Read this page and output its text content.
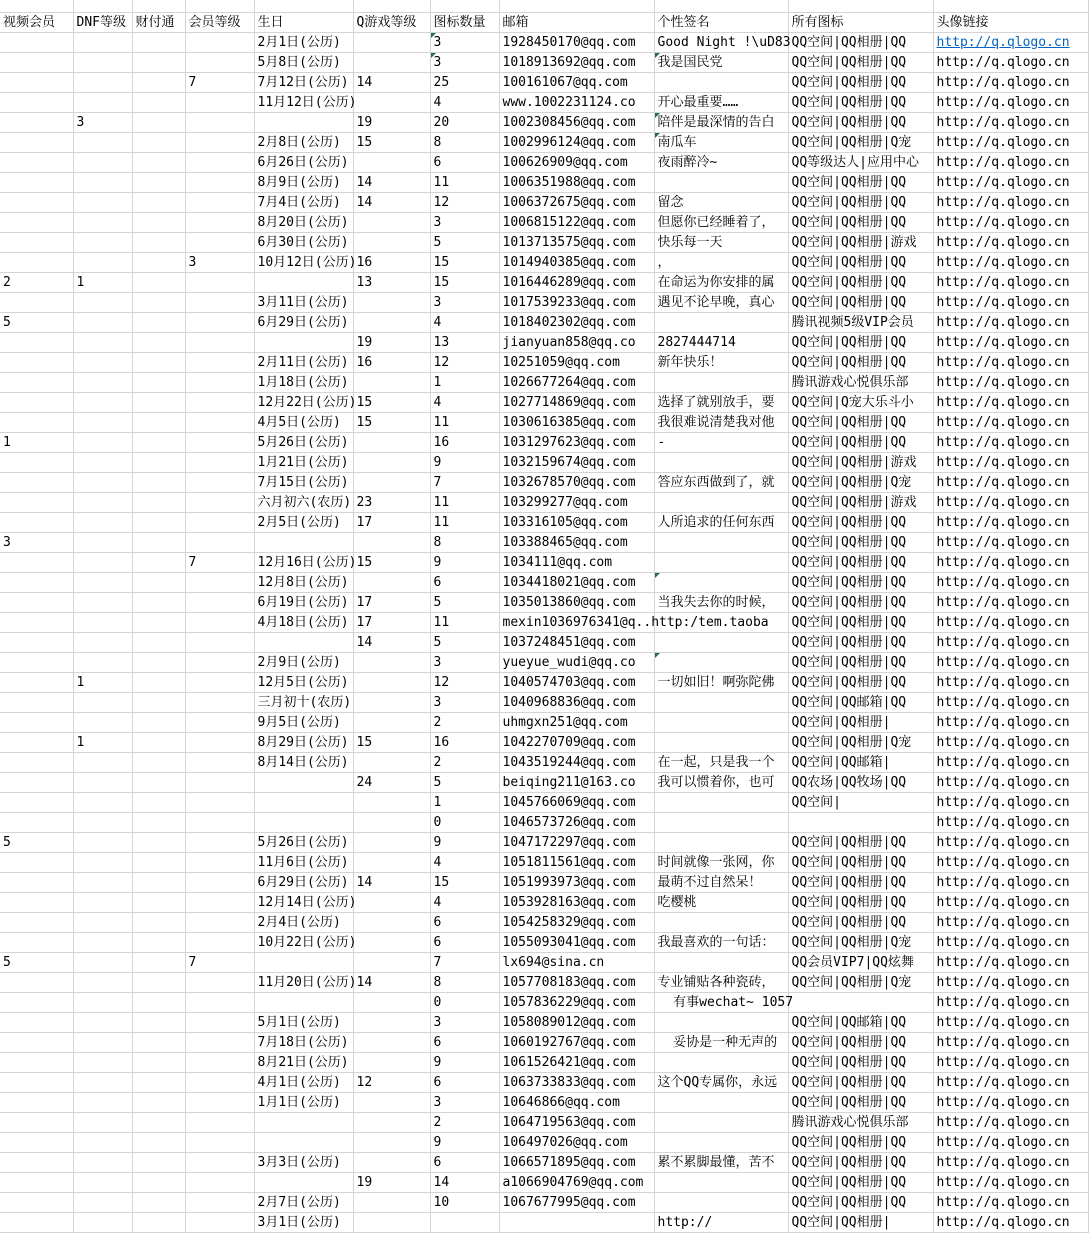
视频会员	DNF等级	财付通	会员等级	生日	Q游戏等级	图标数量	邮箱	个性签名	所有图标	头像链接
				2月1日(公历)		3	1928450170@qq.com	Good Night !\uD83	QQ空间|QQ相册|QQ	http://q.qlogo.cn
				5月8日(公历)		3	1018913692@qq.com	我是国民党	QQ空间|QQ相册|QQ	http://q.qlogo.cn
			7	7月12日(公历)	14	25	100161067@qq.com		QQ空间|QQ相册|QQ	http://q.qlogo.cn
				11月12日(公历)		4	www.1002231124.co	开心最重要……	QQ空间|QQ相册|QQ	http://q.qlogo.cn
	3				19	20	1002308456@qq.com	陪伴是最深情的告白	QQ空间|QQ相册|QQ	http://q.qlogo.cn
				2月8日(公历)	15	8	1002996124@qq.com	南瓜车	QQ空间|QQ相册|Q宠	http://q.qlogo.cn
				6月26日(公历)		6	100626909@qq.com	夜雨醉冷~	QQ等级达人|应用中心	http://q.qlogo.cn
				8月9日(公历)	14	11	1006351988@qq.com		QQ空间|QQ相册|QQ	http://q.qlogo.cn
				7月4日(公历)	14	12	1006372675@qq.com	留念	QQ空间|QQ相册|QQ	http://q.qlogo.cn
				8月20日(公历)		3	1006815122@qq.com	但愿你已经睡着了，	QQ空间|QQ相册|QQ	http://q.qlogo.cn
				6月30日(公历)		5	1013713575@qq.com	快乐每一天	QQ空间|QQ相册|游戏	http://q.qlogo.cn
			3	10月12日(公历)	16	15	1014940385@qq.com	，	QQ空间|QQ相册|QQ	http://q.qlogo.cn
2	1				13	15	1016446289@qq.com	在命运为你安排的属	QQ空间|QQ相册|QQ	http://q.qlogo.cn
				3月11日(公历)		3	1017539233@qq.com	遇见不论早晚，真心	QQ空间|QQ相册|QQ	http://q.qlogo.cn
5				6月29日(公历)		4	1018402302@qq.com		腾讯视频5级VIP会员	http://q.qlogo.cn
					19	13	jianyuan858@qq.co	2827444714	QQ空间|QQ相册|QQ	http://q.qlogo.cn
				2月11日(公历)	16	12	10251059@qq.com	新年快乐！	QQ空间|QQ相册|QQ	http://q.qlogo.cn
				1月18日(公历)		1	1026677264@qq.com		腾讯游戏心悦俱乐部	http://q.qlogo.cn
				12月22日(公历)	15	4	1027714869@qq.com	选择了就别放手，要	QQ空间|Q宠大乐斗小	http://q.qlogo.cn
				4月5日(公历)	15	11	1030616385@qq.com	我很难说清楚我对他	QQ空间|QQ相册|QQ	http://q.qlogo.cn
1				5月26日(公历)		16	1031297623@qq.com	-	QQ空间|QQ相册|QQ	http://q.qlogo.cn
				1月21日(公历)		9	1032159674@qq.com		QQ空间|QQ相册|游戏	http://q.qlogo.cn
				7月15日(公历)		7	1032678570@qq.com	答应东西做到了，就	QQ空间|QQ相册|Q宠	http://q.qlogo.cn
				六月初六(农历)	23	11	103299277@qq.com		QQ空间|QQ相册|游戏	http://q.qlogo.cn
				2月5日(公历)	17	11	103316105@qq.com	人所追求的任何东西	QQ空间|QQ相册|QQ	http://q.qlogo.cn
3						8	103388465@qq.com		QQ空间|QQ相册|QQ	http://q.qlogo.cn
			7	12月16日(公历)	15	9	1034111@qq.com		QQ空间|QQ相册|QQ	http://q.qlogo.cn
				12月8日(公历)		6	1034418021@qq.com		QQ空间|QQ相册|QQ	http://q.qlogo.cn
				6月19日(公历)	17	5	1035013860@qq.com	当我失去你的时候，	QQ空间|QQ相册|QQ	http://q.qlogo.cn
				4月18日(公历)	17	11	mexin1036976341@q..http:/tem.taoba		QQ空间|QQ相册|QQ	http://q.qlogo.cn
					14	5	1037248451@qq.com		QQ空间|QQ相册|QQ	http://q.qlogo.cn
				2月9日(公历)		3	yueyue_wudi@qq.co		QQ空间|QQ相册|QQ	http://q.qlogo.cn
	1			12月5日(公历)		12	1040574703@qq.com	一切如旧！啊弥陀佛	QQ空间|QQ相册|QQ	http://q.qlogo.cn
				三月初十(农历)		3	1040968836@qq.com		QQ空间|QQ邮箱|QQ	http://q.qlogo.cn
				9月5日(公历)		2	uhmgxn251@qq.com		QQ空间|QQ相册|	http://q.qlogo.cn
	1			8月29日(公历)	15	16	1042270709@qq.com		QQ空间|QQ相册|Q宠	http://q.qlogo.cn
				8月14日(公历)		2	1043519244@qq.com	在一起，只是我一个	QQ空间|QQ邮箱|	http://q.qlogo.cn
					24	5	beiqing211@163.co	我可以惯着你，也可	QQ农场|QQ牧场|QQ	http://q.qlogo.cn
						1	1045766069@qq.com		QQ空间|	http://q.qlogo.cn
						0	1046573726@qq.com			http://q.qlogo.cn
5				5月26日(公历)		9	1047172297@qq.com		QQ空间|QQ相册|QQ	http://q.qlogo.cn
				11月6日(公历)		4	1051811561@qq.com	时间就像一张网，你	QQ空间|QQ相册|QQ	http://q.qlogo.cn
				6月29日(公历)	14	15	1051993973@qq.com	最萌不过自然呆！	QQ空间|QQ相册|QQ	http://q.qlogo.cn
				12月14日(公历)		4	1053928163@qq.com	吃樱桃	QQ空间|QQ相册|QQ	http://q.qlogo.cn
				2月4日(公历)		6	1054258329@qq.com		QQ空间|QQ相册|QQ	http://q.qlogo.cn
				10月22日(公历)		6	1055093041@qq.com	我最喜欢的一句话：	QQ空间|QQ相册|Q宠	http://q.qlogo.cn
5			7			7	lx694@sina.cn		QQ会员VIP7|QQ炫舞	http://q.qlogo.cn
				11月20日(公历)	14	8	1057708183@qq.com	专业铺贴各种瓷砖，	QQ空间|QQ相册|Q宠	http://q.qlogo.cn
						0	1057836229@qq.com	有事wechat~ 1057		http://q.qlogo.cn
				5月1日(公历)		3	1058089012@qq.com		QQ空间|QQ邮箱|QQ	http://q.qlogo.cn
				7月18日(公历)		6	1060192767@qq.com	妥协是一种无声的	QQ空间|QQ相册|QQ	http://q.qlogo.cn
				8月21日(公历)		9	1061526421@qq.com		QQ空间|QQ相册|QQ	http://q.qlogo.cn
				4月1日(公历)	12	6	1063733833@qq.com	这个QQ专属你，永远	QQ空间|QQ相册|QQ	http://q.qlogo.cn
				1月1日(公历)		3	10646866@qq.com		QQ空间|QQ相册|QQ	http://q.qlogo.cn
						2	1064719563@qq.com		腾讯游戏心悦俱乐部	http://q.qlogo.cn
						9	106497026@qq.com		QQ空间|QQ相册|QQ	http://q.qlogo.cn
				3月3日(公历)		6	1066571895@qq.com	累不累脚最懂，苦不	QQ空间|QQ相册|QQ	http://q.qlogo.cn
					19	14	a1066904769@qq.com		QQ空间|QQ相册|QQ	http://q.qlogo.cn
				2月7日(公历)		10	1067677995@qq.com		QQ空间|QQ相册|QQ	http://q.qlogo.cn
				3月1日(公历)				http://	QQ空间|QQ相册|	http://q.qlogo.cn
